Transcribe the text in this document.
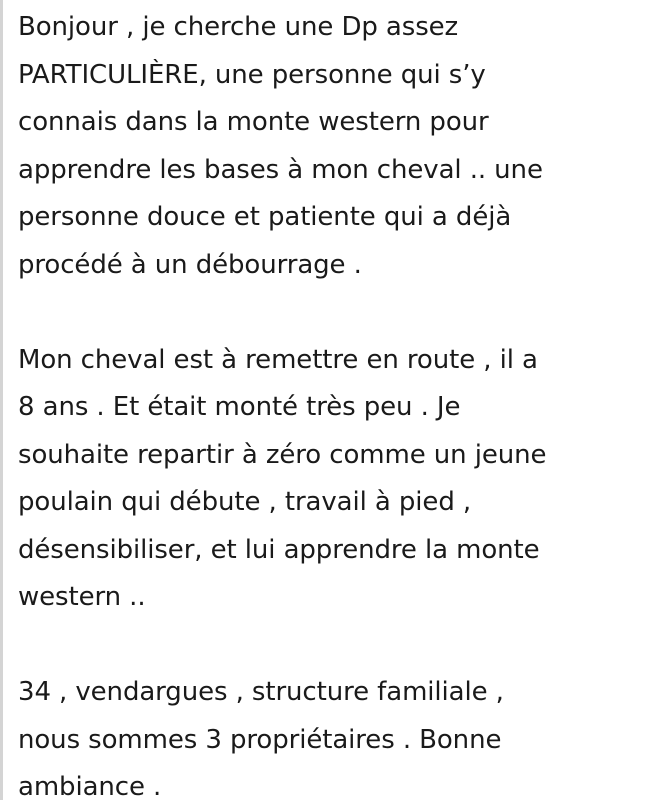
Bonjour , je cherche une Dp assez
PARTICULIÈRE, une personne qui s’y
connais dans la monte western pour
apprendre les bases à mon cheval .. une
personne douce et patiente qui a déjà
procédé à un débourrage .

Mon cheval est à remettre en route , il a
8 ans . Et était monté très peu . Je
souhaite repartir à zéro comme un jeune
poulain qui débute , travail à pied ,
désensibiliser, et lui apprendre la monte
western ..

34 , vendargues , structure familiale ,
nous sommes 3 propriétaires . Bonne
ambiance .
